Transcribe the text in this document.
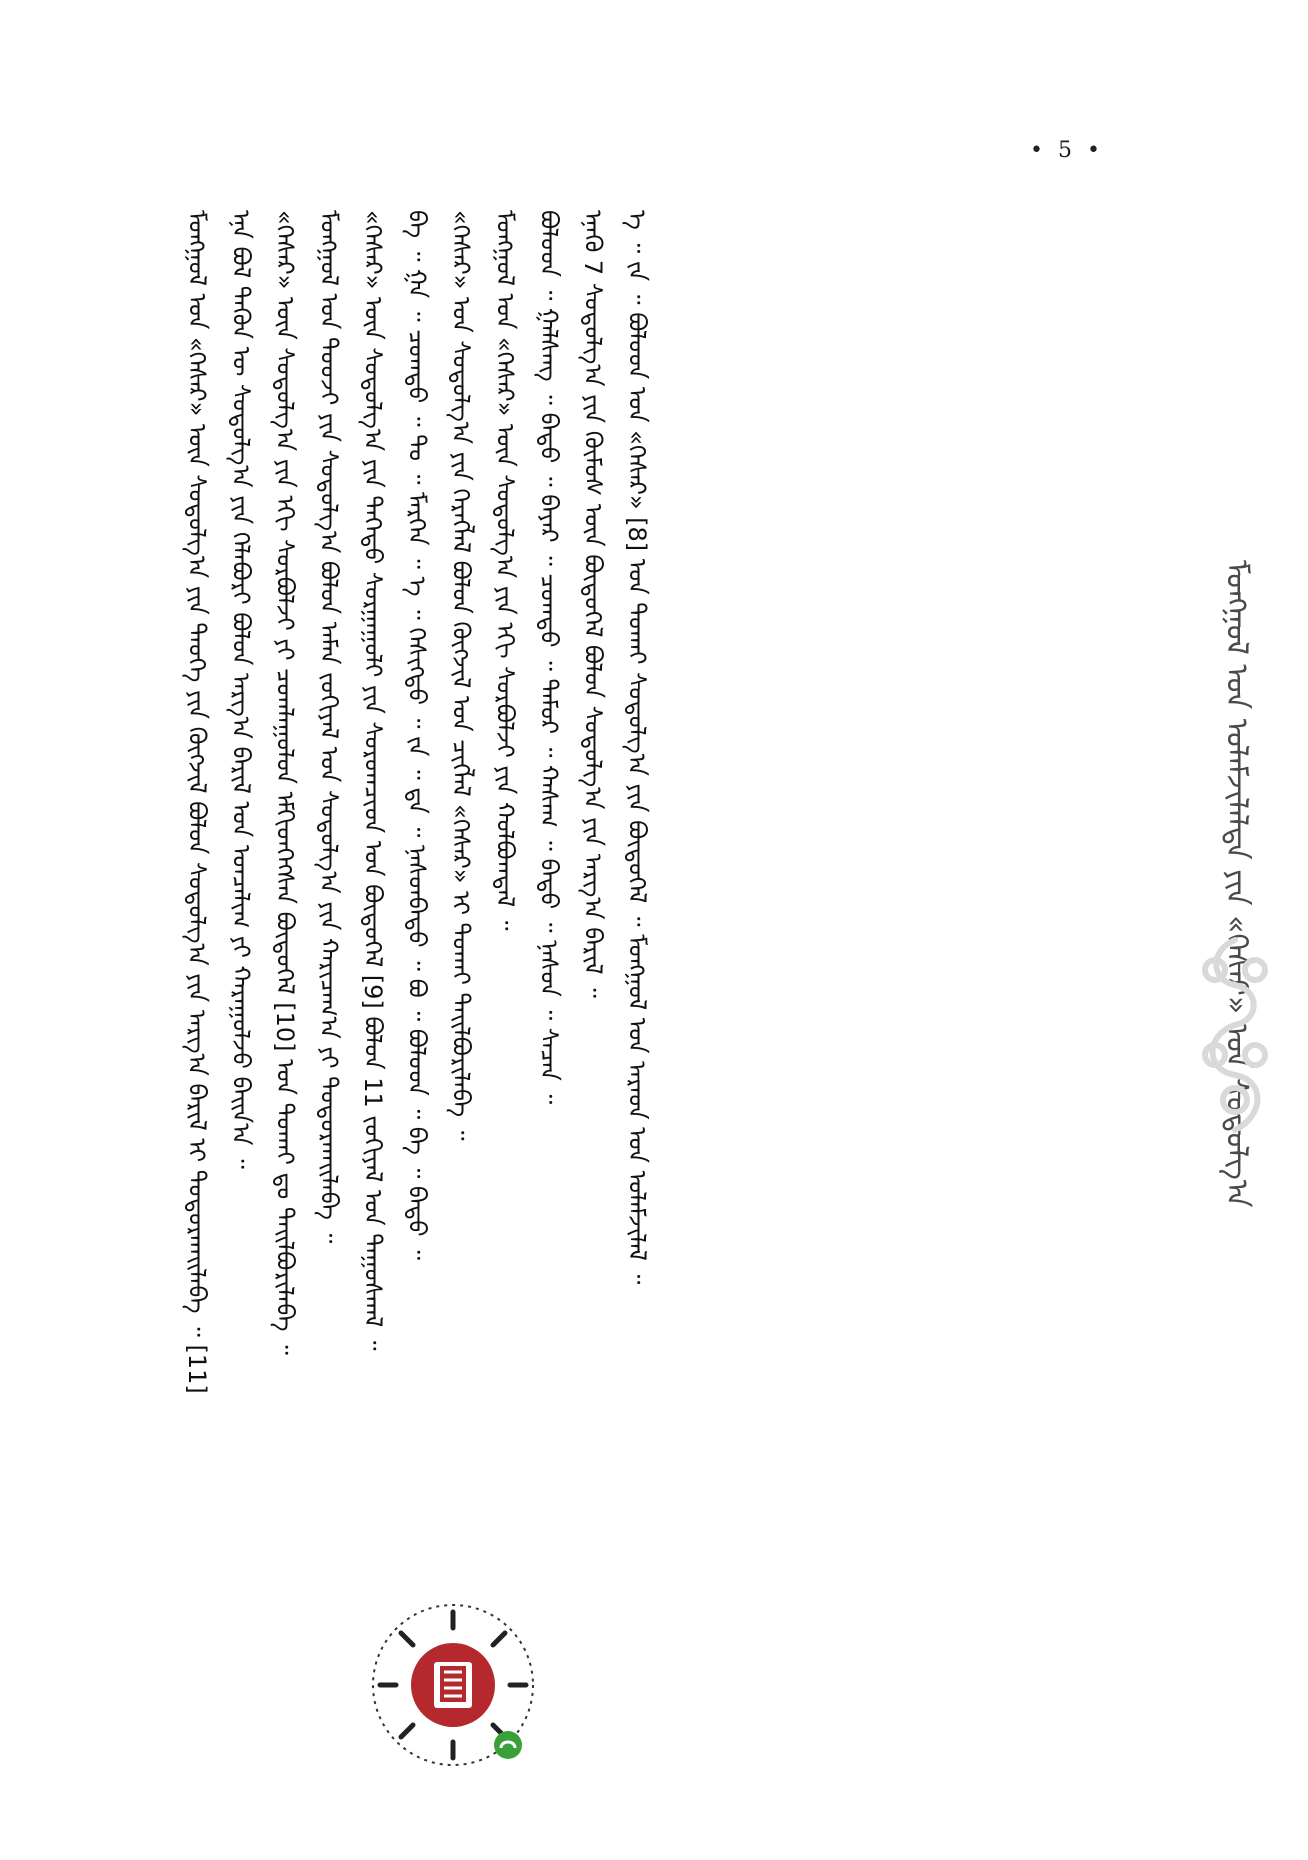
• 5 •
ᠮᠣᠩᠭᠣᠯ ᠤᠨ ᠤᠯᠠᠮᠵᠢᠯᠠᠯᠲᠠ ᠶᠢᠨ «ᠭᠡᠰᠡᠷ» ᠤᠨ ᠰᠤᠳᠤᠯᠭ᠎ᠠ

ᠮᠣᠩᠭᠣᠯ ᠤᠨ «ᠭᠡᠰᠡᠷ» ᠦᠨ ᠰᠤᠳᠤᠯᠭ᠎ᠠ ᠶᠢᠨ ᠲᠡᠦᠬᠡ ᠶᠢᠨ ᠬᠥᠭᠵᠢᠯ ᠪᠣᠯᠣᠨ ᠰᠤᠳᠤᠯᠭ᠎ᠠ ᠶᠢᠨ ᠠᠷᠭ᠎ᠠ ᠪᠠᠷᠢᠯ ᠢ ᠲᠣᠳᠤᠷᠬᠠᠢᠯᠠᠪᠠ ᠃ [11] ᠡᠨᠡ ᠪᠣᠯ ᠲᠡᠭᠦᠨ ᠦ ᠰᠤᠳᠤᠯᠭ᠎ᠠ ᠶᠢᠨ ᠬᠡᠯᠡᠪᠦᠷᠢ ᠪᠣᠯᠣᠨ ᠠᠷᠭ᠎ᠠ ᠪᠠᠷᠢᠯ ᠤᠨ ᠣᠨᠴᠠᠯᠢᠭ ᠶᠢ ᠬᠠᠷᠠᠭᠤᠯᠵᠤ ᠪᠠᠢᠨ᠎ᠠ ᠃ «ᠭᠡᠰᠡᠷ» ᠦᠨ ᠰᠤᠳᠤᠯᠭ᠎ᠠ ᠶᠢᠨ ᠡᠬᠢ ᠰᠤᠷᠪᠤᠯᠵᠢ ᠶᠢ ᠴᠤᠭᠯᠠᠭᠤᠯᠤᠨ ᠡᠮᠬᠢᠳᠬᠡᠭᠰᠡᠨ ᠪᠦᠲᠦᠭᠡᠯ [10] ᠤᠨ ᠲᠤᠬᠠᠢ ᠳᠤ ᠲᠠᠢᠯᠪᠤᠷᠢᠯᠠᠪᠠ ᠃ ᠮᠣᠩᠭᠣᠯ ᠤᠨ ᠲᠤᠤᠵᠢ ᠶᠢᠨ ᠰᠤᠳᠤᠯᠭ᠎ᠠ ᠪᠣᠯᠣᠨ ᠠᠮᠠᠨ ᠵᠣᠬᠢᠶᠠᠯ ᠤᠨ ᠰᠤᠳᠤᠯᠭ᠎ᠠ ᠶᠢᠨ ᠬᠠᠷᠢᠴᠠᠭ᠎ᠠ ᠶᠢ ᠲᠣᠳᠤᠷᠬᠠᠢᠯᠠᠪᠠ ᠃ «ᠭᠡᠰᠡᠷ» ᠦᠨ ᠰᠤᠳᠤᠯᠭ᠎ᠠ ᠶᠢᠨ ᠳᠡᠭᠡᠳᠦ ᠰᠤᠷᠭᠠᠭᠤᠯᠢ ᠶᠢᠨ ᠰᠤᠷᠤᠭᠴᠢᠳ ᠤᠨ ᠪᠦᠲᠦᠭᠡᠯ [9] ᠪᠣᠯᠣᠨ 11 ᠵᠣᠬᠢᠶᠠᠯ ᠤᠨ ᠳᠠᠭᠤᠰᠬᠠᠯ ᠃ ᠪᠠ ᠃ ᠭᠠ ᠃ ᠴᠣᠭᠲᠣ ᠃ ᠲᠣ ᠃ ᠮᠡᠷᠭᠡᠨ ᠃ ᠡ ᠃ ᠬᠡᠰᠢᠭᠲᠦ ᠃ ᠵᠠ ᠃ ᠳᠠ ᠃ ᠨᠠᠰᠤᠨᠪᠠᠲᠤ ᠃ ᠪᠣ ᠃ ᠪᠣᠯᠣᠳ ᠃ ᠪᠠ ᠃ ᠪᠠᠲᠤ ᠃ «ᠭᠡᠰᠡᠷ» ᠤᠨ ᠰᠤᠳᠤᠯᠭ᠎ᠠ ᠶᠢᠨ ᠬᠡᠷᠡᠭᠯᠡᠯ ᠪᠣᠯᠣᠨ ᠬᠥᠭᠵᠢᠯ ᠤᠨ ᠴᠢᠭᠯᠡᠯ «ᠭᠡᠰᠡᠷ» ᠢ ᠲᠤᠬᠠᠢ ᠲᠠᠢᠯᠪᠤᠷᠢᠯᠠᠪᠠ ᠃ ᠮᠣᠩᠭᠣᠯ ᠤᠨ «ᠭᠡᠰᠡᠷ» ᠦᠨ ᠰᠤᠳᠤᠯᠭ᠎ᠠ ᠶᠢᠨ ᠡᠬᠢ ᠰᠤᠷᠪᠤᠯᠵᠢ ᠶᠢᠨ ᠬᠣᠯᠪᠣᠭᠳᠠᠯ ᠃ ᠪᠣᠯᠣᠳ ᠃ ᠭᠠᠯᠰᠠᠩ ᠃ ᠪᠠᠲᠤ ᠃ ᠪᠠᠶᠠᠷ ᠃ ᠴᠣᠭᠲᠣ ᠃ ᠲᠡᠮᠦᠷ ᠃ ᠬᠠᠰᠠᠭ ᠃ ᠪᠠᠳᠤ ᠃ ᠨᠠᠰᠤᠨ ᠃ ᠰᠡᠴᠡᠨ ᠃ ᠡᠨᠡᠬᠦ 7 ᠰᠤᠳᠤᠯᠭ᠎ᠠ ᠶᠢᠨ ᠬᠦᠮᠦᠰ ᠦᠨ ᠪᠦᠲᠦᠭᠡᠯ ᠪᠣᠯᠣᠨ ᠰᠤᠳᠤᠯᠭ᠎ᠠ ᠶᠢᠨ ᠠᠷᠭ᠎ᠠ ᠪᠠᠷᠢᠯ ᠃ ᠡ ᠃ ᠵᠠ ᠃ ᠪᠣᠯᠣᠳ ᠤᠨ «ᠭᠡᠰᠡᠷ» [8] ᠤᠨ ᠲᠤᠬᠠᠢ ᠰᠤᠳᠤᠯᠭ᠎ᠠ ᠶᠢᠨ ᠪᠦᠲᠦᠭᠡᠯ ᠃ ᠮᠣᠩᠭᠣᠯ ᠤᠨ ᠠᠷᠠᠳ ᠤᠨ ᠤᠯᠠᠮᠵᠢᠯᠠᠯ ᠃
